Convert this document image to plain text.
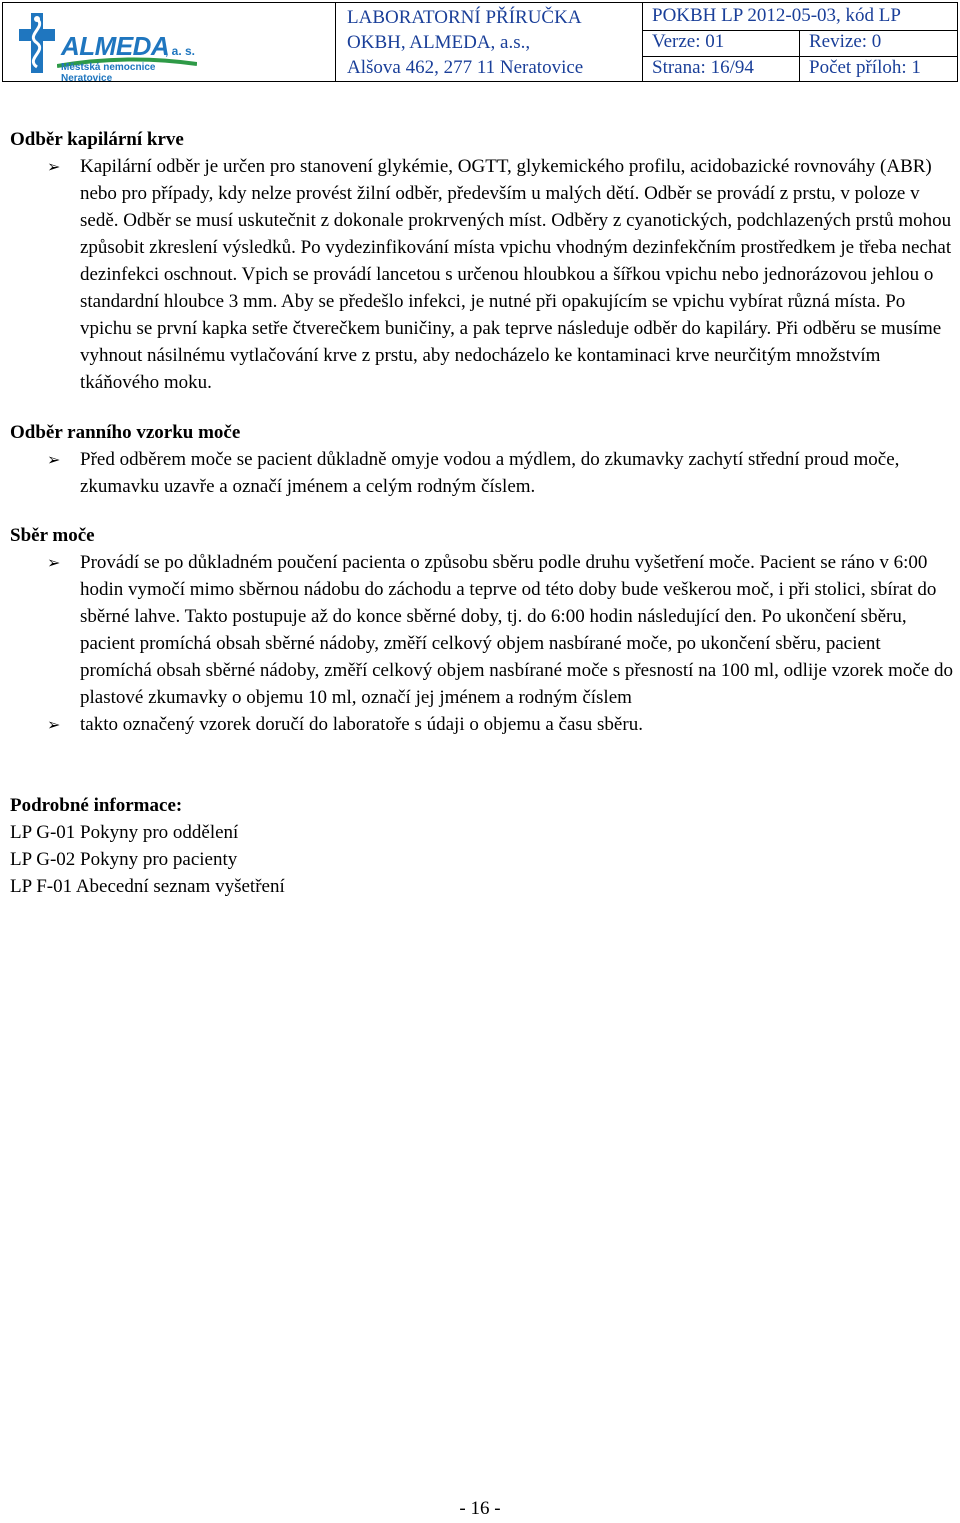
ALMEDA
, a. s.
Městská nemocnice Neratovice
LABORATORNÍ PŘÍRUČKA
OKBH, ALMEDA, a.s.,
Alšova 462, 277 11 Neratovice
POKBH LP 2012-05-03, kód LP
Verze: 01	Revize: 0
Strana: 16/94	Počet příloh: 1

Odběr kapilární krve

➢ Kapilární odběr je určen pro stanovení glykémie, OGTT, glykemického profilu, acidobazické rovnováhy (ABR) nebo pro případy, kdy nelze provést žilní odběr, především u malých dětí. Odběr se provádí z prstu, v poloze v sedě. Odběr se musí uskutečnit z dokonale prokrvených míst. Odběry z cyanotických, podchlazených prstů mohou způsobit zkreslení výsledků. Po vydezinfikování místa vpichu vhodným dezinfekčním prostředkem je třeba nechat dezinfekci oschnout. Vpich se provádí lancetou s určenou hloubkou a šířkou vpichu nebo jednorázovou jehlou o standardní hloubce 3 mm. Aby se předešlo infekci, je nutné při opakujícím se vpichu vybírat různá místa. Po vpichu se první kapka setře čtverečkem buničiny, a pak teprve následuje odběr do kapiláry. Při odběru se musíme vyhnout násilnému vytlačování krve z prstu, aby nedocházelo ke kontaminaci krve neurčitým množstvím tkáňového moku.

Odběr ranního vzorku moče

➢ Před odběrem moče se pacient důkladně omyje vodou a mýdlem, do zkumavky zachytí střední proud moče, zkumavku uzavře a označí jménem a celým rodným číslem.

Sběr moče

➢ Provádí se po důkladném poučení pacienta o způsobu sběru podle druhu vyšetření moče. Pacient se ráno v 6:00 hodin vymočí mimo sběrnou nádobu do záchodu a teprve od této doby bude veškerou moč, i při stolici, sbírat do sběrné lahve. Takto postupuje až do konce sběrné doby, tj. do 6:00 hodin následující den. Po ukončení sběru, pacient promíchá obsah sběrné nádoby, změří celkový objem nasbírané moče, po ukončení sběru, pacient promíchá obsah sběrné nádoby, změří celkový objem nasbírané moče s přesností na 100 ml, odlije vzorek moče do plastové zkumavky o objemu 10 ml, označí jej jménem a rodným číslem
➢ takto označený vzorek doručí do laboratoře s údaji o objemu a času sběru.

Podrobné informace:

LP G-01 Pokyny pro oddělení
LP G-02 Pokyny pro pacienty
LP F-01 Abecední seznam vyšetření
- 16 -
